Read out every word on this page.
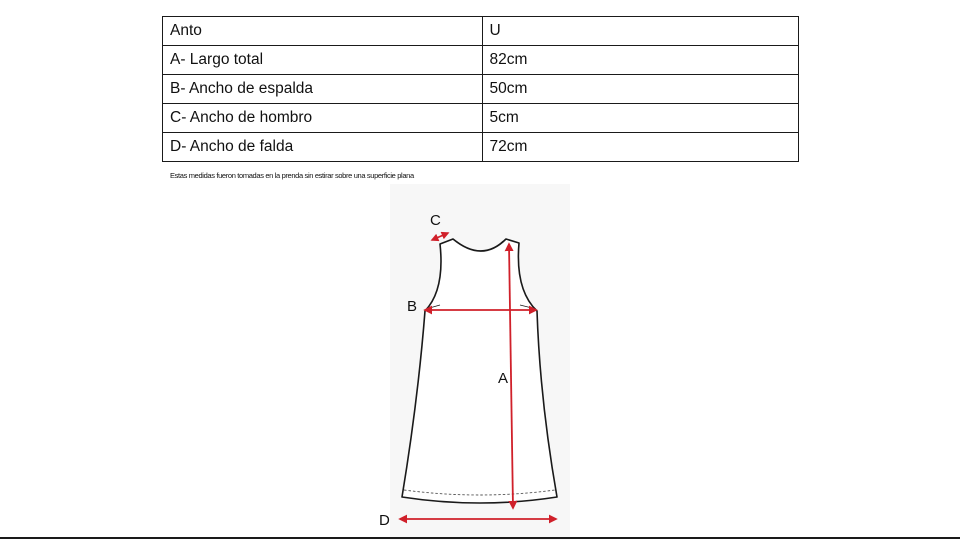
Anto	U
A- Largo total	82cm
B- Ancho de espalda	50cm
C- Ancho de hombro	5cm
D- Ancho de falda	72cm
Estas medidas fueron tomadas en la prenda sin estirar sobre una superficie plana
C
B
A
D
